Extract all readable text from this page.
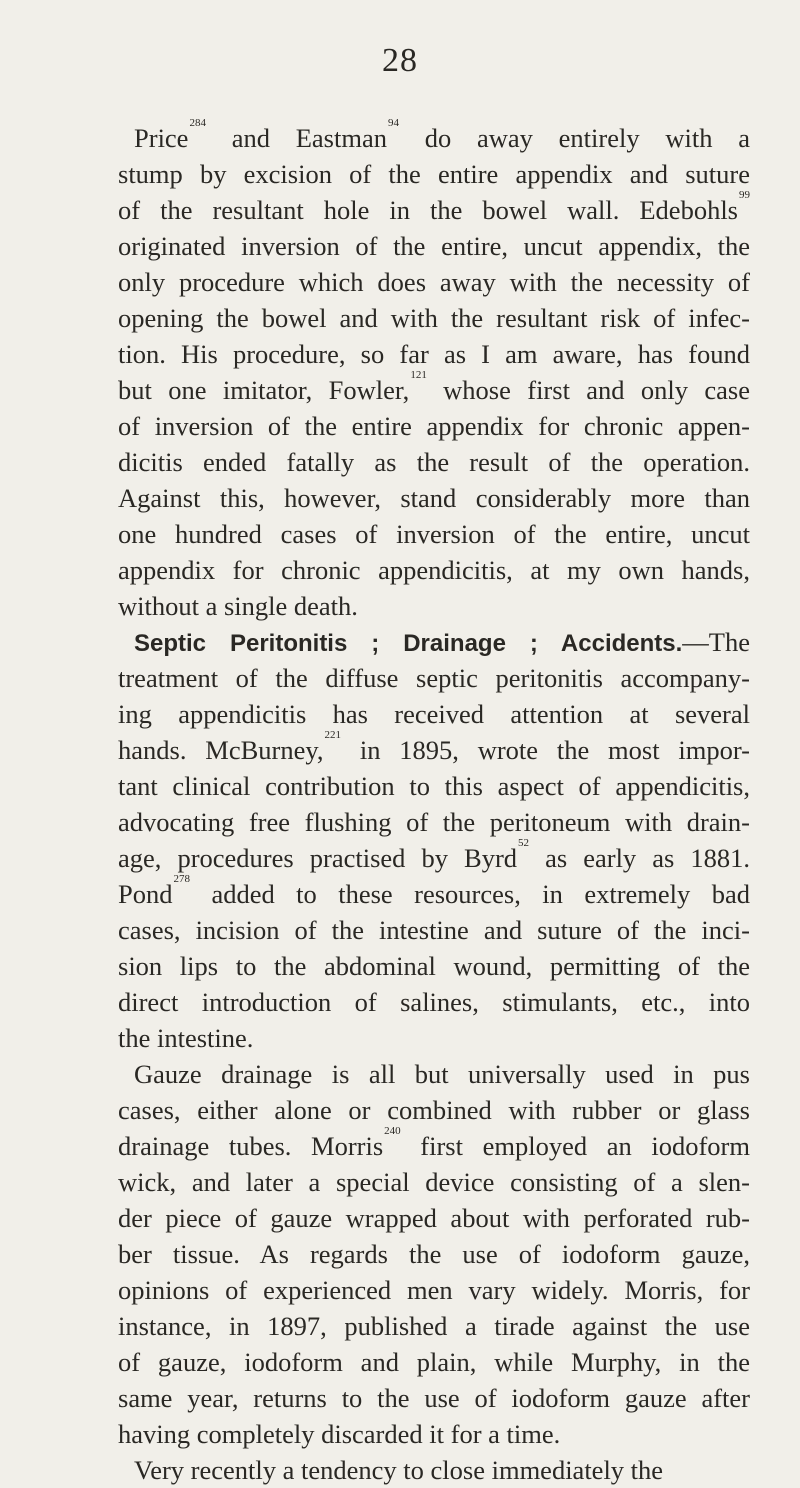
28
Price$^{284}$ and Eastman$^{94}$ do away entirely with a
stump by excision of the entire appendix and suture
of the resultant hole in the bowel wall. Edebohls$^{99}$
originated inversion of the entire, uncut appendix, the
only procedure which does away with the necessity of
opening the bowel and with the resultant risk of infec-
tion. His procedure, so far as I am aware, has found
but one imitator, Fowler,$^{121}$ whose first and only case
of inversion of the entire appendix for chronic appen-
dicitis ended fatally as the result of the operation.
Against this, however, stand considerably more than
one hundred cases of inversion of the entire, uncut
appendix for chronic appendicitis, at my own hands,
without a single death.
Septic Peritonitis ; Drainage ; Accidents.—The
treatment of the diffuse septic peritonitis accompany-
ing appendicitis has received attention at several
hands. McBurney,$^{221}$ in 1895, wrote the most impor-
tant clinical contribution to this aspect of appendicitis,
advocating free flushing of the peritoneum with drain-
age, procedures practised by Byrd$^{52}$ as early as 1881.
Pond$^{278}$ added to these resources, in extremely bad
cases, incision of the intestine and suture of the inci-
sion lips to the abdominal wound, permitting of the
direct introduction of salines, stimulants, etc., into
the intestine.
Gauze drainage is all but universally used in pus
cases, either alone or combined with rubber or glass
drainage tubes. Morris$^{240}$ first employed an iodoform
wick, and later a special device consisting of a slen-
der piece of gauze wrapped about with perforated rub-
ber tissue. As regards the use of iodoform gauze,
opinions of experienced men vary widely. Morris, for
instance, in 1897, published a tirade against the use
of gauze, iodoform and plain, while Murphy, in the
same year, returns to the use of iodoform gauze after
having completely discarded it for a time.
Very recently a tendency to close immediately the
